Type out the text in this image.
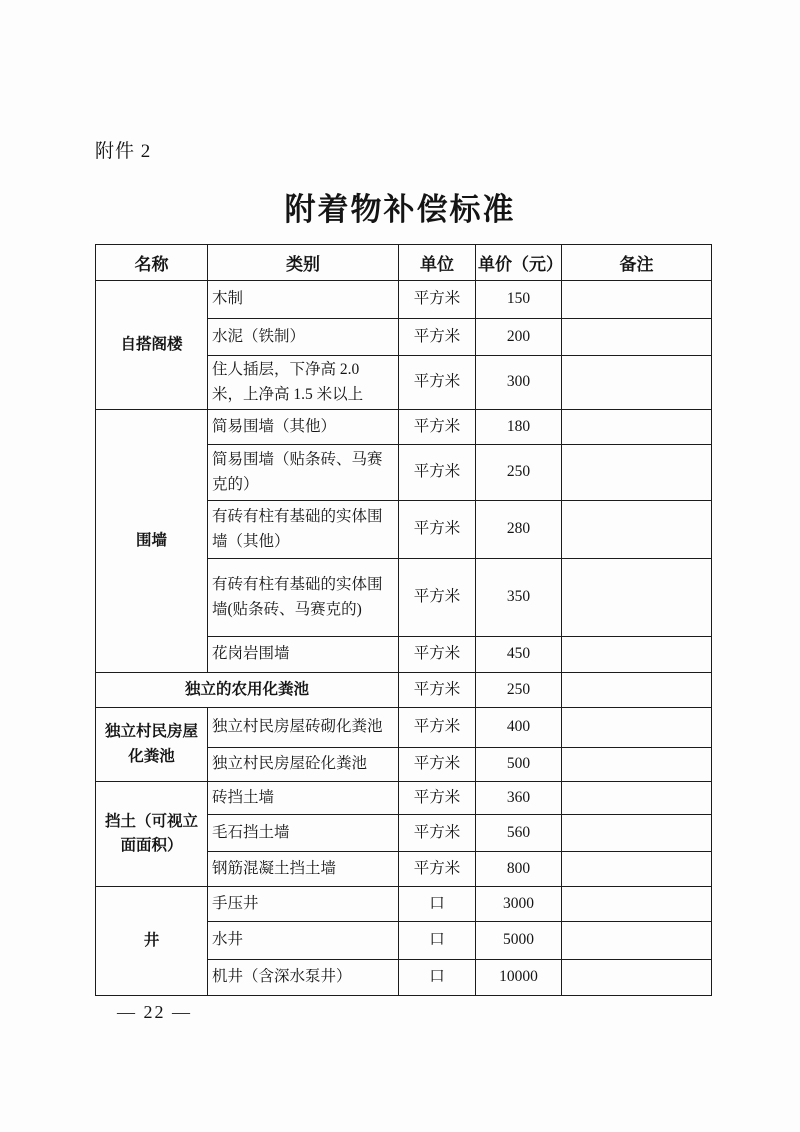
附件 2
附着物补偿标准
名称	类别	单位	单价（元）	备注
自搭阁楼	木制	平方米	150	
	水泥（铁制）	平方米	200	
	住人插层，下净高 2.0 米，上净高 1.5 米以上	平方米	300	
围墙	简易围墙（其他）	平方米	180	
	简易围墙（贴条砖、马赛克的）	平方米	250	
	有砖有柱有基础的实体围墙（其他）	平方米	280	
	有砖有柱有基础的实体围墙(贴条砖、马赛克的)	平方米	350	
	花岗岩围墙	平方米	450	
独立的农用化粪池		平方米	250	
独立村民房屋化粪池	独立村民房屋砖砌化粪池	平方米	400	
	独立村民房屋砼化粪池	平方米	500	
挡土（可视立面面积）	砖挡土墙	平方米	360	
	毛石挡土墙	平方米	560	
	钢筋混凝土挡土墙	平方米	800	
井	手压井	口	3000	
	水井	口	5000	
	机井（含深水泵井）	口	10000	
— 22 —
